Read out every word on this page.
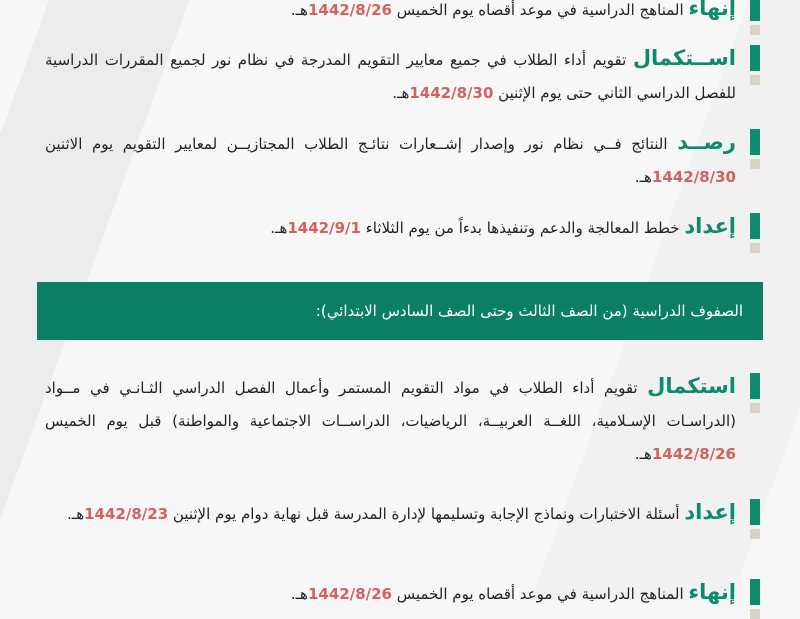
إنهاء المناهج الدراسية في موعد أقصاه يوم الخميس 1442/8/26هـ.
اســتكمال تقويم أداء الطلاب في جميع معايير التقويم المدرجة في نظام نور لجميع المقررات الدراسية للفصل الدراسي الثاني حتى يوم الإثنين 1442/8/30هـ.
رصــد النتائج فــي نظام نور وإصدار إشــعارات نتائـج الطلاب المجتازيــن لمعايير التقويم يوم الاثنين 1442/8/30هـ.
إعداد خطط المعالجة والدعم وتنفيذها بدءاً من يوم الثلاثاء 1442/9/1هـ.
الصفوف الدراسية (من الصف الثالث وحتى الصف السادس الابتدائي):
استكمال تقويم أداء الطلاب في مواد التقويم المستمر وأعمال الفصل الدراسي الثـانـي في مــواد (الدراسـات الإسـلامية، اللغــة العربيــة، الرياضيات، الدراســات الاجتماعية والمواطنة) قبل يوم الخميس 1442/8/26هـ.
إعداد أسئلة الاختبارات ونماذج الإجابة وتسليمها لإدارة المدرسة قبل نهاية دوام يوم الإثنين 1442/8/23هـ.
إنهاء المناهج الدراسية في موعد أقصاه يوم الخميس 1442/8/26هـ.
